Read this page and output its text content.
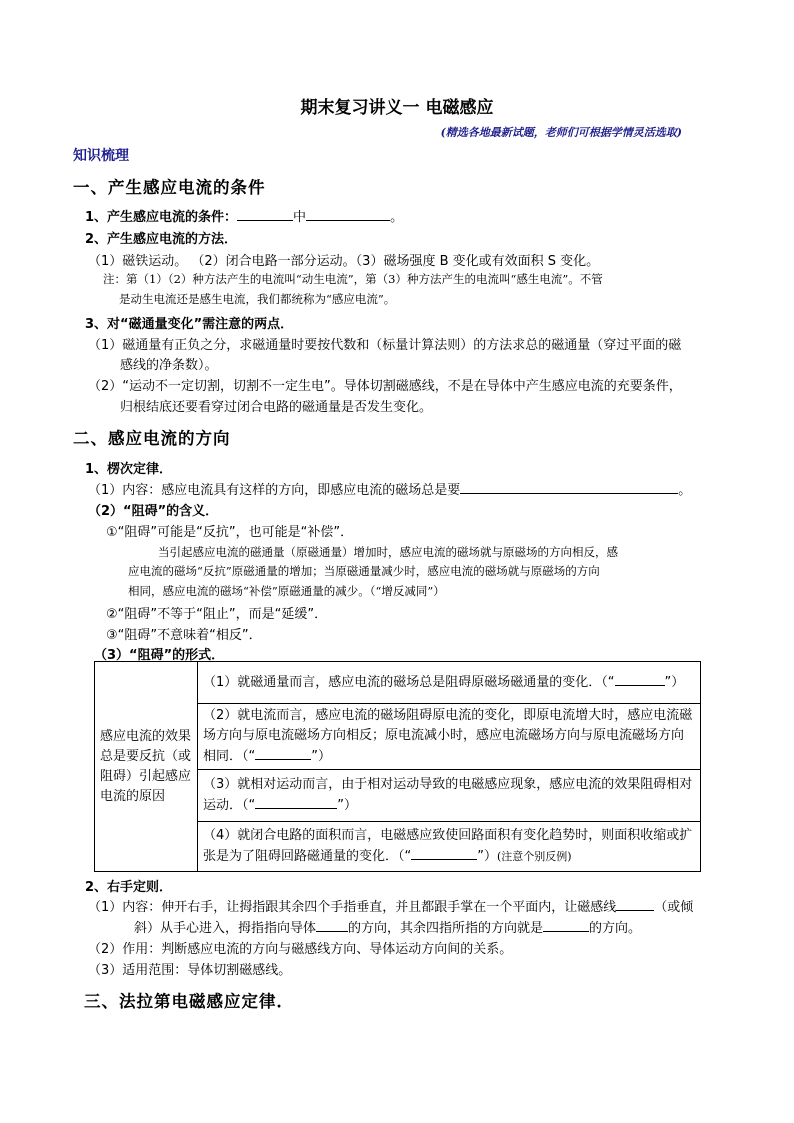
期末复习讲义一 电磁感应
(精选各地最新试题，老师们可根据学情灵活选取)
知识梳理
一、产生感应电流的条件
1、产生感应电流的条件：	中	。
2、产生感应电流的方法．
（1）磁铁运动。 （2）闭合电路一部分运动。（3）磁场强度 B 变化或有效面积 S 变化。
注：第（1）（2）种方法产生的电流叫“动生电流”，第（3）种方法产生的电流叫“感生电流”。不管
是动生电流还是感生电流，我们都统称为“感应电流”。
3、对“磁通量变化”需注意的两点．
（1）磁通量有正负之分，求磁通量时要按代数和（标量计算法则）的方法求总的磁通量（穿过平面的磁
感线的净条数）。
（2）“运动不一定切割，切割不一定生电”。导体切割磁感线，不是在导体中产生感应电流的充要条件，
归根结底还要看穿过闭合电路的磁通量是否发生变化。
二、感应电流的方向
1、楞次定律．
（1）内容：感应电流具有这样的方向，即感应电流的磁场总是要	。
（2）“阻碍”的含义．
①“阻碍”可能是“反抗”，也可能是“补偿”．
当引起感应电流的磁通量（原磁通量）增加时，感应电流的磁场就与原磁场的方向相反，感
应电流的磁场“反抗”原磁通量的增加；当原磁通量减少时，感应电流的磁场就与原磁场的方向
相同，感应电流的磁场“补偿”原磁通量的减少。（“增反减同”）
②“阻碍”不等于“阻止”，而是“延缓”．
③“阻碍”不意味着“相反”．
（3）“阻碍”的形式．
感应电流的效果总是要反抗（或阻碍）引起感应电流的原因	（1）就磁通量而言，感应电流的磁场总是阻碍原磁场磁通量的变化．（“	”）
（2）就电流而言，感应电流的磁场阻碍原电流的变化，即原电流增大时，感应电流磁场方向与原电流磁场方向相反；原电流减小时，感应电流磁场方向与原电流磁场方向相同．（“	”）
（3）就相对运动而言，由于相对运动导致的电磁感应现象，感应电流的效果阻碍相对运动．（“	”）
（4）就闭合电路的面积而言，电磁感应致使回路面积有变化趋势时，则面积收缩或扩张是为了阻碍回路磁通量的变化．（“	”）(注意个别反例)
2、右手定则．
（1）内容：伸开右手，让拇指跟其余四个手指垂直，并且都跟手掌在一个平面内，让磁感线	（或倾
斜）从手心进入，拇指指向导体 的方向，其余四指所指的方向就是	的方向。
（2）作用：判断感应电流的方向与磁感线方向、导体运动方向间的关系。
（3）适用范围：导体切割磁感线。
三、法拉第电磁感应定律．
